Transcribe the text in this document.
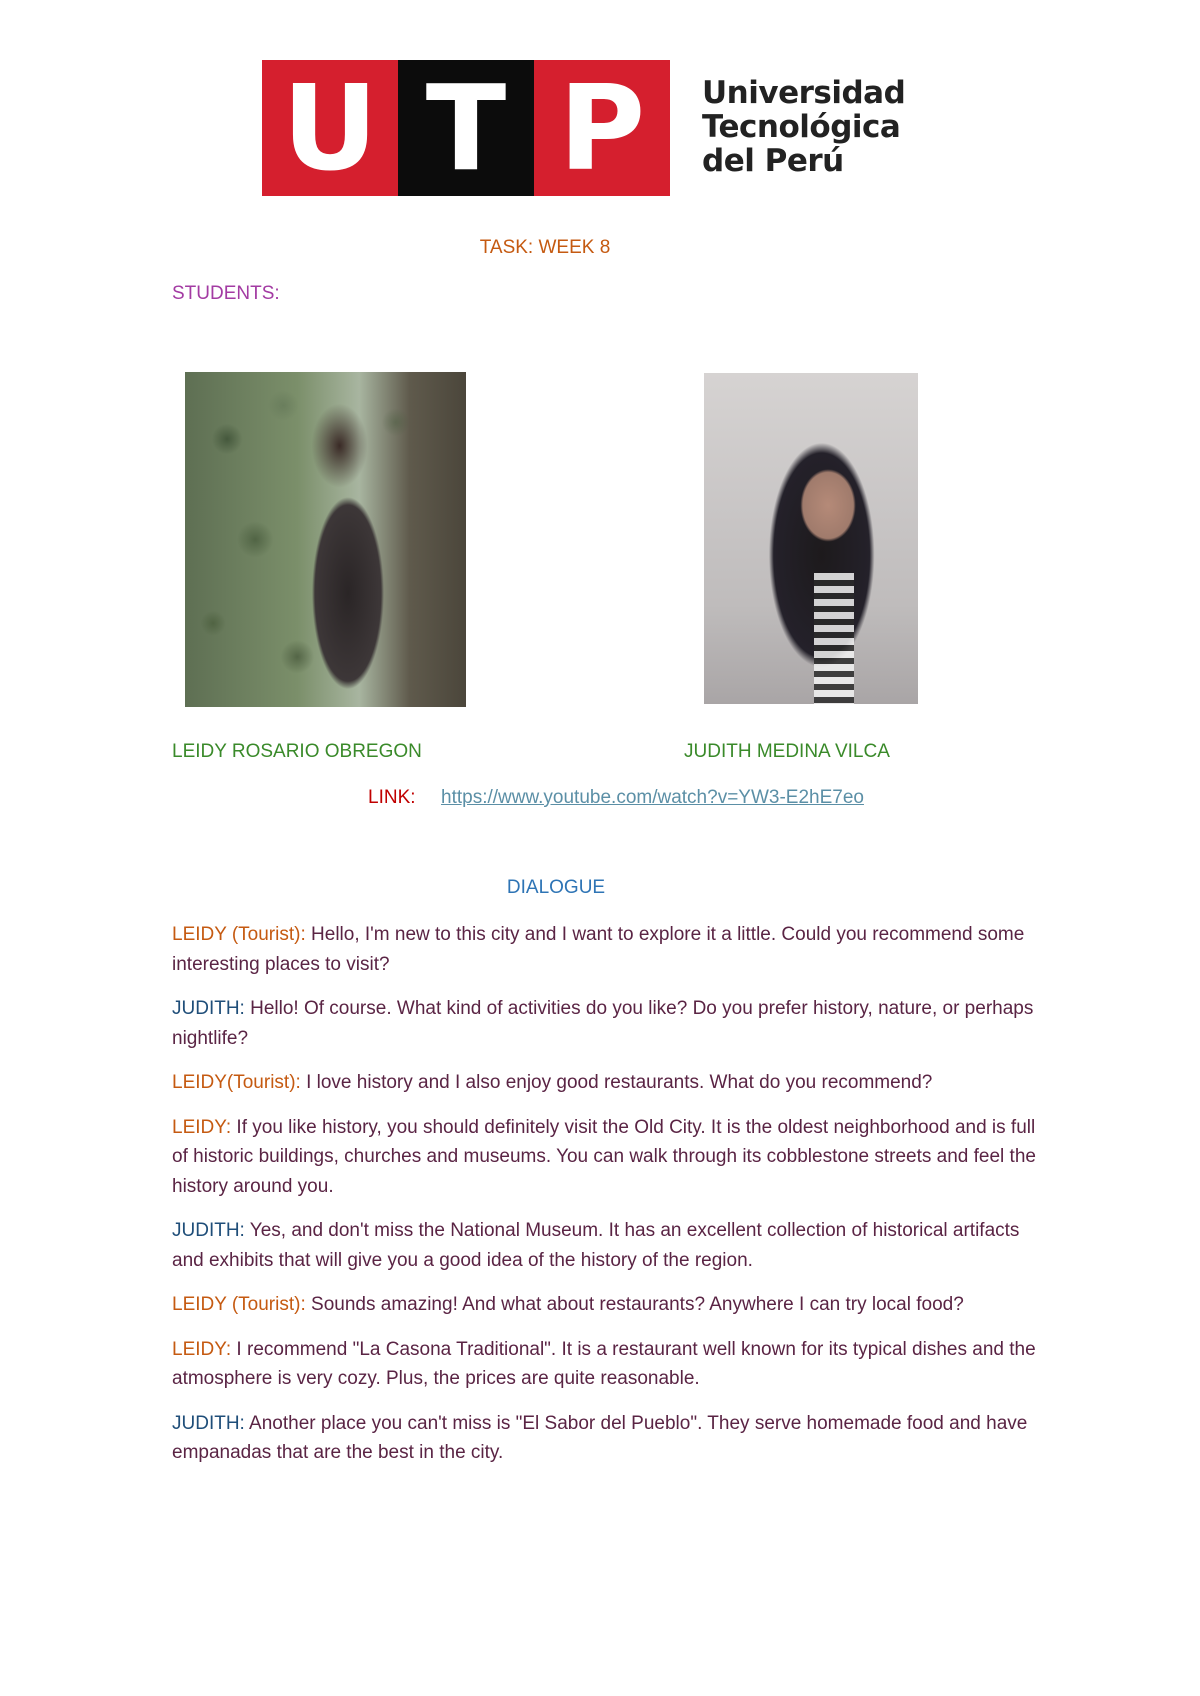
U T P	Universidad
Tecnológica
del Perú
TASK: WEEK 8
STUDENTS:
LEIDY ROSARIO OBREGON	JUDITH MEDINA VILCA
LINK: https://www.youtube.com/watch?v=YW3-E2hE7eo
DIALOGUE

LEIDY (Tourist): Hello, I'm new to this city and I want to explore it a little. Could you recommend some interesting places to visit?

JUDITH: Hello! Of course. What kind of activities do you like? Do you prefer history, nature, or perhaps nightlife?

LEIDY(Tourist): I love history and I also enjoy good restaurants. What do you recommend?

LEIDY: If you like history, you should definitely visit the Old City. It is the oldest neighborhood and is full of historic buildings, churches and museums. You can walk through its cobblestone streets and feel the history around you.

JUDITH: Yes, and don't miss the National Museum. It has an excellent collection of historical artifacts and exhibits that will give you a good idea of the history of the region.

LEIDY (Tourist): Sounds amazing! And what about restaurants? Anywhere I can try local food?

LEIDY: I recommend "La Casona Traditional". It is a restaurant well known for its typical dishes and the atmosphere is very cozy. Plus, the prices are quite reasonable.

JUDITH: Another place you can't miss is "El Sabor del Pueblo". They serve homemade food and have empanadas that are the best in the city.
